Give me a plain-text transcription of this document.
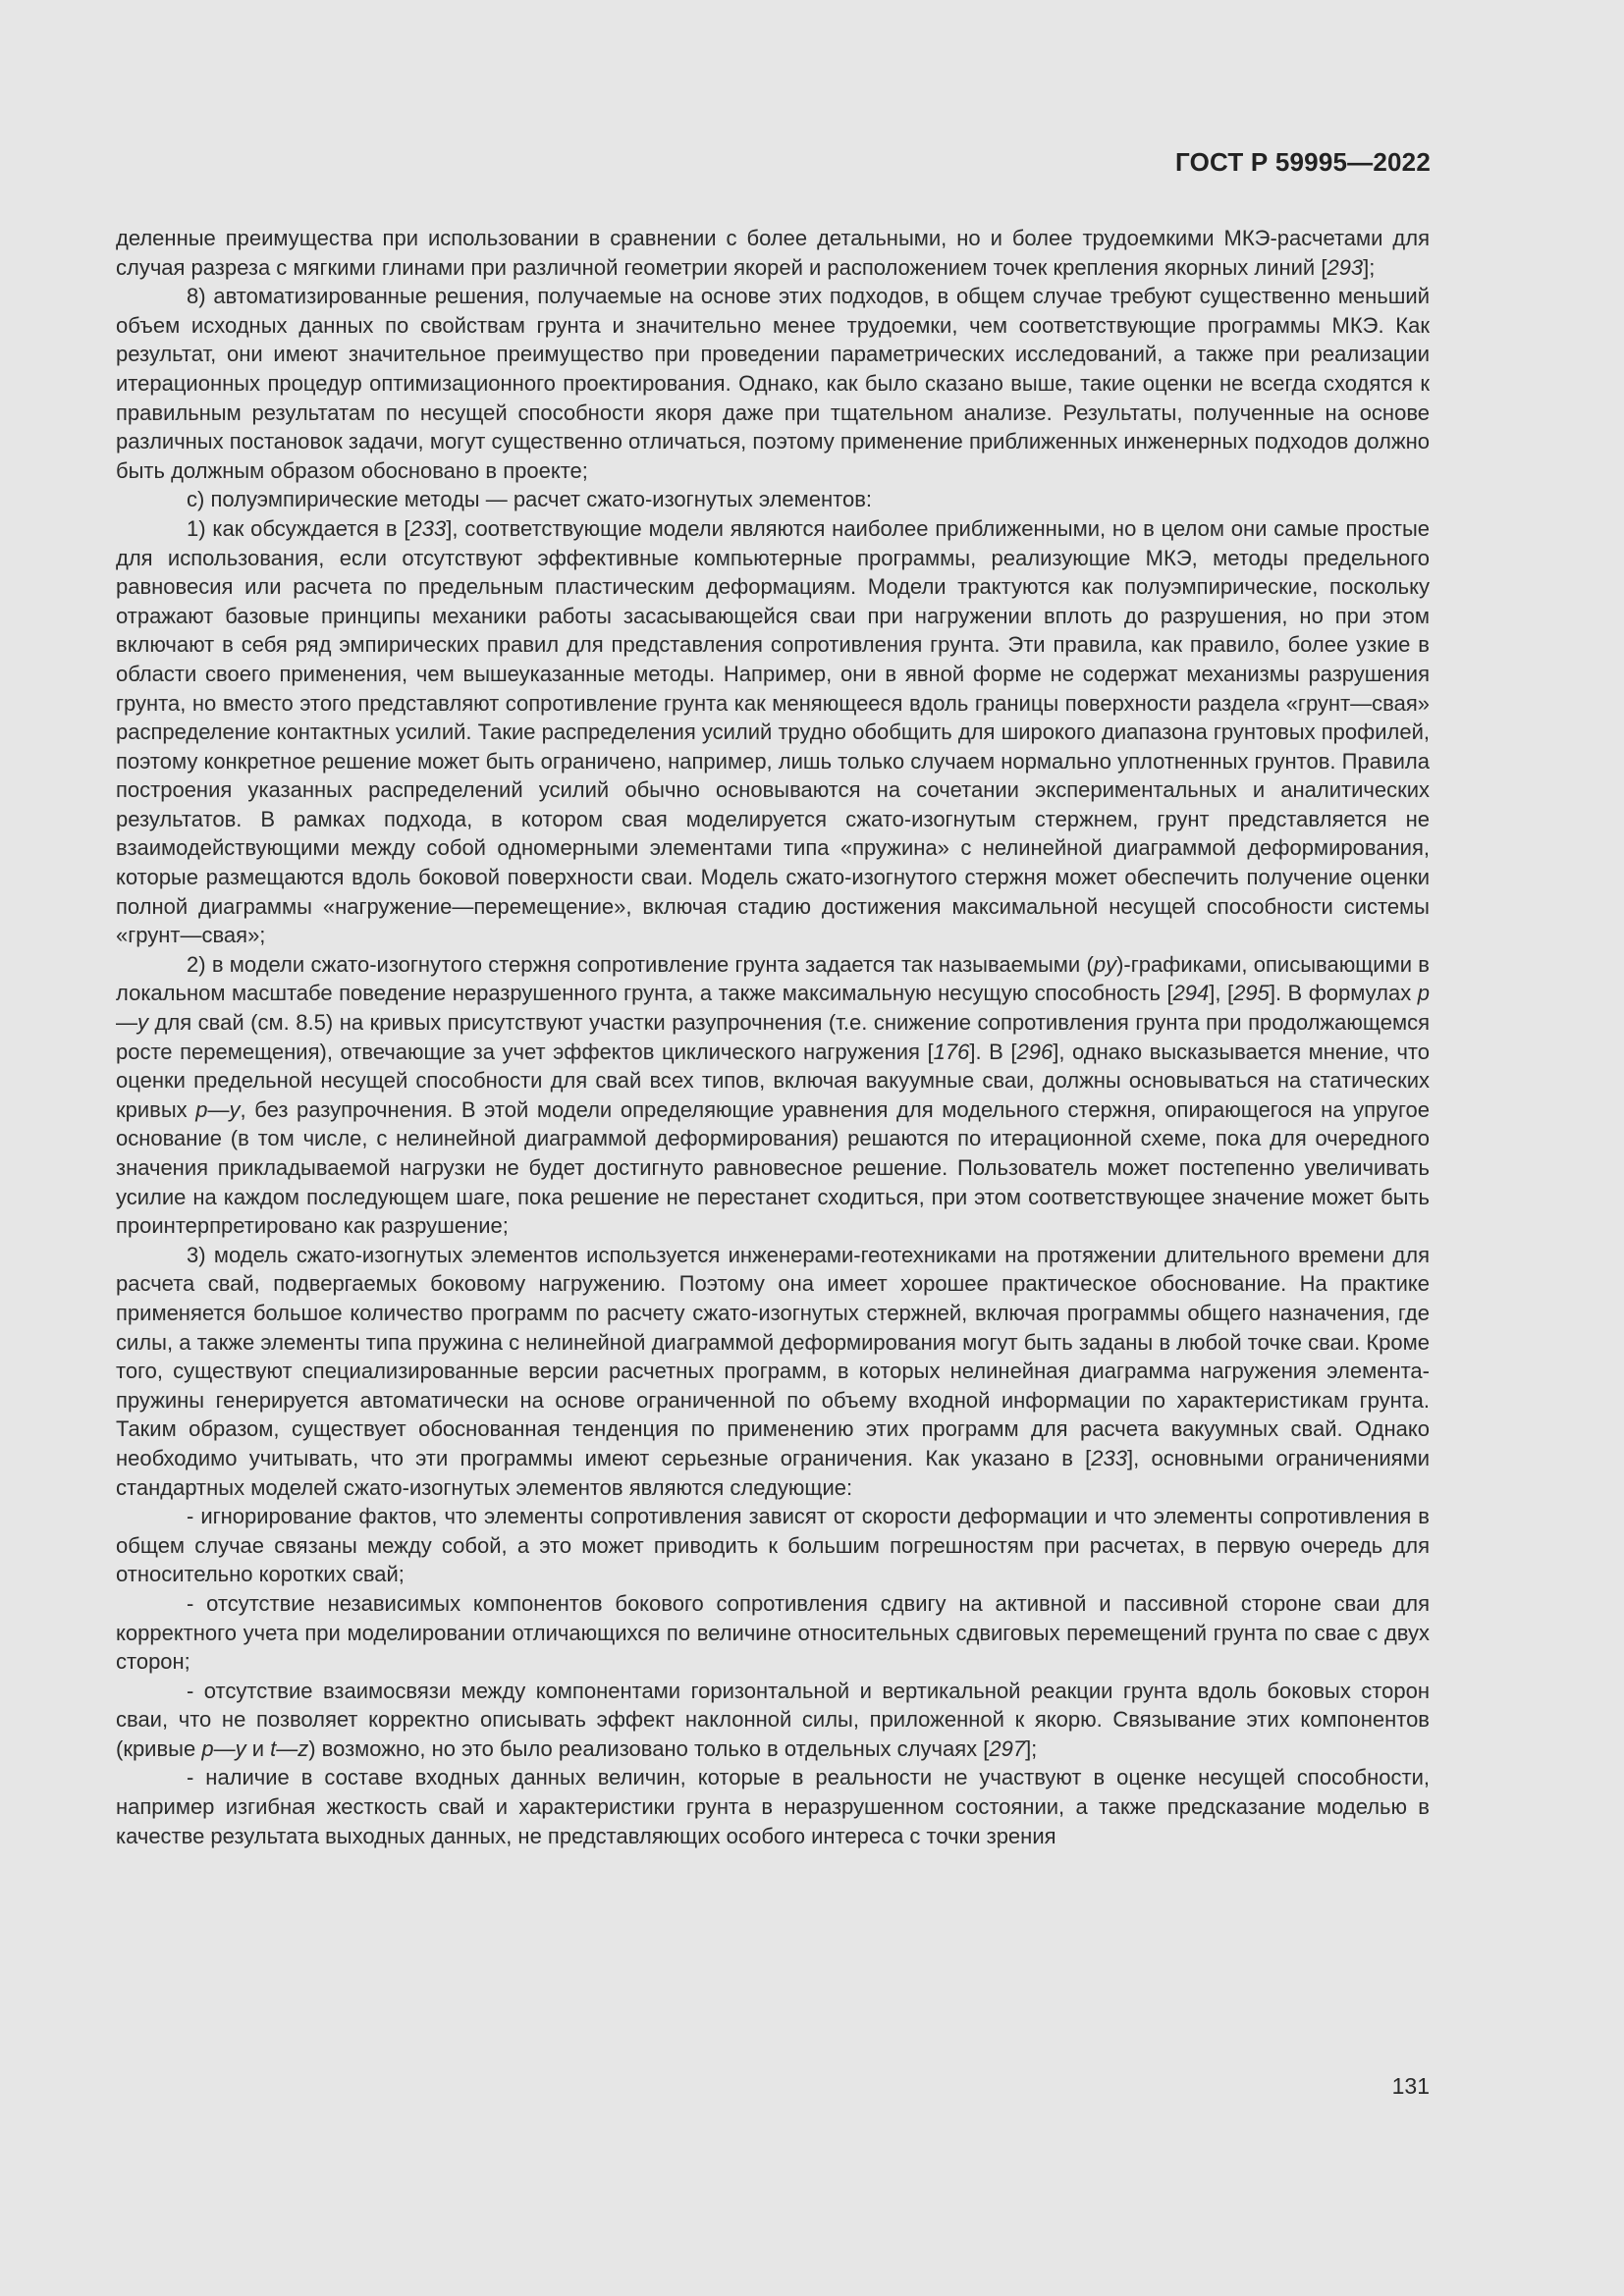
ГОСТ Р 59995—2022

деленные преимущества при использовании в сравнении с более детальными, но и более трудоемкими МКЭ-расчетами для случая разреза с мягкими глинами при различной геометрии якорей и расположением точек крепления якорных линий [293];

8) автоматизированные решения, получаемые на основе этих подходов, в общем случае требуют существенно меньший объем исходных данных по свойствам грунта и значительно менее трудоемки, чем соответствующие программы МКЭ. Как результат, они имеют значительное преимущество при проведении параметрических исследований, а также при реализации итерационных процедур оптимизационного проектирования. Однако, как было сказано выше, такие оценки не всегда сходятся к правильным результатам по несущей способности якоря даже при тщательном анализе. Результаты, полученные на основе различных постановок задачи, могут существенно отличаться, поэтому применение приближенных инженерных подходов должно быть должным образом обосновано в проекте;

c) полуэмпирические методы — расчет сжато-изогнутых элементов:

1) как обсуждается в [233], соответствующие модели являются наиболее приближенными, но в целом они самые простые для использования, если отсутствуют эффективные компьютерные программы, реализующие МКЭ, методы предельного равновесия или расчета по предельным пластическим деформациям. Модели трактуются как полуэмпирические, поскольку отражают базовые принципы механики работы засасывающейся сваи при нагружении вплоть до разрушения, но при этом включают в себя ряд эмпирических правил для представления сопротивления грунта. Эти правила, как правило, более узкие в области своего применения, чем вышеуказанные методы. Например, они в явной форме не содержат механизмы разрушения грунта, но вместо этого представляют сопротивление грунта как меняющееся вдоль границы поверхности раздела «грунт—свая» распределение контактных усилий. Такие распределения усилий трудно обобщить для широкого диапазона грунтовых профилей, поэтому конкретное решение может быть ограничено, например, лишь только случаем нормально уплотненных грунтов. Правила построения указанных распределений усилий обычно основываются на сочетании экспериментальных и аналитических результатов. В рамках подхода, в котором свая моделируется сжато-изогнутым стержнем, грунт представляется не взаимодействующими между собой одномерными элементами типа «пружина» с нелинейной диаграммой деформирования, которые размещаются вдоль боковой поверхности сваи. Модель сжато-изогнутого стержня может обеспечить получение оценки полной диаграммы «нагружение—перемещение», включая стадию достижения максимальной несущей способности системы «грунт—свая»;

2) в модели сжато-изогнутого стержня сопротивление грунта задается так называемыми (py)-графиками, описывающими в локальном масштабе поведение неразрушенного грунта, а также максимальную несущую способность [294], [295]. В формулах p—y для свай (см. 8.5) на кривых присутствуют участки разупрочнения (т.е. снижение сопротивления грунта при продолжающемся росте перемещения), отвечающие за учет эффектов циклического нагружения [176]. В [296], однако высказывается мнение, что оценки предельной несущей способности для свай всех типов, включая вакуумные сваи, должны основываться на статических кривых p—y, без разупрочнения. В этой модели определяющие уравнения для модельного стержня, опирающегося на упругое основание (в том числе, с нелинейной диаграммой деформирования) решаются по итерационной схеме, пока для очередного значения прикладываемой нагрузки не будет достигнуто равновесное решение. Пользователь может постепенно увеличивать усилие на каждом последующем шаге, пока решение не перестанет сходиться, при этом соответствующее значение может быть проинтерпретировано как разрушение;

3) модель сжато-изогнутых элементов используется инженерами-геотехниками на протяжении длительного времени для расчета свай, подвергаемых боковому нагружению. Поэтому она имеет хорошее практическое обоснование. На практике применяется большое количество программ по расчету сжато-изогнутых стержней, включая программы общего назначения, где силы, а также элементы типа пружина с нелинейной диаграммой деформирования могут быть заданы в любой точке сваи. Кроме того, существуют специализированные версии расчетных программ, в которых нелинейная диаграмма нагружения элемента-пружины генерируется автоматически на основе ограниченной по объему входной информации по характеристикам грунта. Таким образом, существует обоснованная тенденция по применению этих программ для расчета вакуумных свай. Однако необходимо учитывать, что эти программы имеют серьезные ограничения. Как указано в [233], основными ограничениями стандартных моделей сжато-изогнутых элементов являются следующие:

- игнорирование фактов, что элементы сопротивления зависят от скорости деформации и что элементы сопротивления в общем случае связаны между собой, а это может приводить к большим погрешностям при расчетах, в первую очередь для относительно коротких свай;

- отсутствие независимых компонентов бокового сопротивления сдвигу на активной и пассивной стороне сваи для корректного учета при моделировании отличающихся по величине относительных сдвиговых перемещений грунта по свае с двух сторон;

- отсутствие взаимосвязи между компонентами горизонтальной и вертикальной реакции грунта вдоль боковых сторон сваи, что не позволяет корректно описывать эффект наклонной силы, приложенной к якорю. Связывание этих компонентов (кривые p—y и t—z) возможно, но это было реализовано только в отдельных случаях [297];

- наличие в составе входных данных величин, которые в реальности не участвуют в оценке несущей способности, например изгибная жесткость свай и характеристики грунта в неразрушенном состоянии, а также предсказание моделью в качестве результата выходных данных, не представляющих особого интереса с точки зрения

131
